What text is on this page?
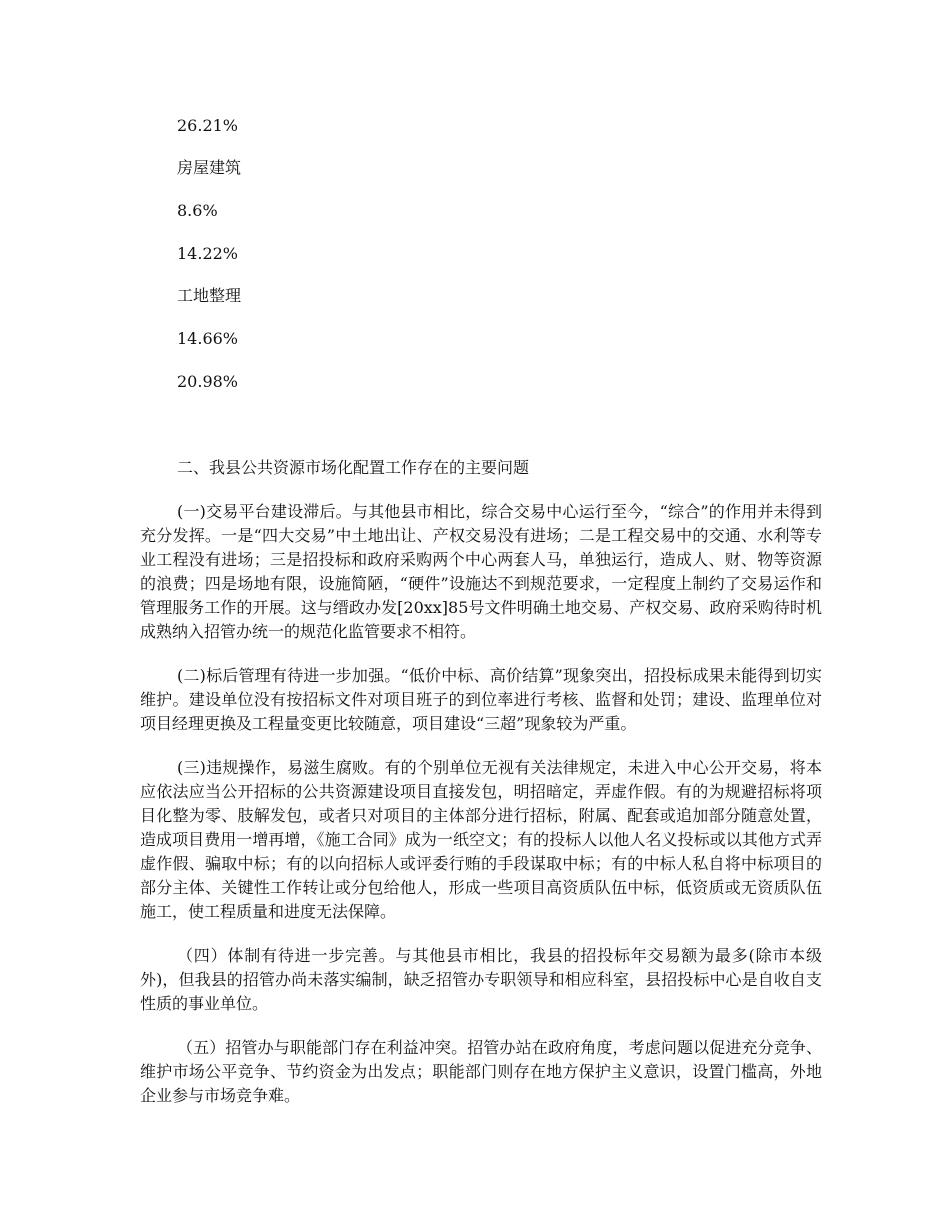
26.21%
房屋建筑
8.6%
14.22%
工地整理
14.66%
20.98%

二、我县公共资源市场化配置工作存在的主要问题

(一)交易平台建设滞后。与其他县市相比，综合交易中心运行至今，“综合”的作用并未得到充分发挥。一是“四大交易”中土地出让、产权交易没有进场；二是工程交易中的交通、水利等专业工程没有进场；三是招投标和政府采购两个中心两套人马，单独运行，造成人、财、物等资源的浪费；四是场地有限，设施简陋，“硬件”设施达不到规范要求，一定程度上制约了交易运作和管理服务工作的开展。这与缙政办发[20xx]85号文件明确土地交易、产权交易、政府采购待时机成熟纳入招管办统一的规范化监管要求不相符。

(二)标后管理有待进一步加强。“低价中标、高价结算”现象突出，招投标成果未能得到切实维护。建设单位没有按招标文件对项目班子的到位率进行考核、监督和处罚；建设、监理单位对项目经理更换及工程量变更比较随意，项目建设“三超”现象较为严重。

(三)违规操作，易滋生腐败。有的个别单位无视有关法律规定，未进入中心公开交易，将本应依法应当公开招标的公共资源建设项目直接发包，明招暗定，弄虚作假。有的为规避招标将项目化整为零、肢解发包，或者只对项目的主体部分进行招标，附属、配套或追加部分随意处置，造成项目费用一增再增，《施工合同》成为一纸空文；有的投标人以他人名义投标或以其他方式弄虚作假、骗取中标；有的以向招标人或评委行贿的手段谋取中标；有的中标人私自将中标项目的部分主体、关键性工作转让或分包给他人，形成一些项目高资质队伍中标，低资质或无资质队伍施工，使工程质量和进度无法保障。

（四）体制有待进一步完善。与其他县市相比，我县的招投标年交易额为最多(除市本级外)，但我县的招管办尚未落实编制，缺乏招管办专职领导和相应科室，县招投标中心是自收自支性质的事业单位。

（五）招管办与职能部门存在利益冲突。招管办站在政府角度，考虑问题以促进充分竞争、维护市场公平竞争、节约资金为出发点；职能部门则存在地方保护主义意识，设置门槛高，外地企业参与市场竞争难。
